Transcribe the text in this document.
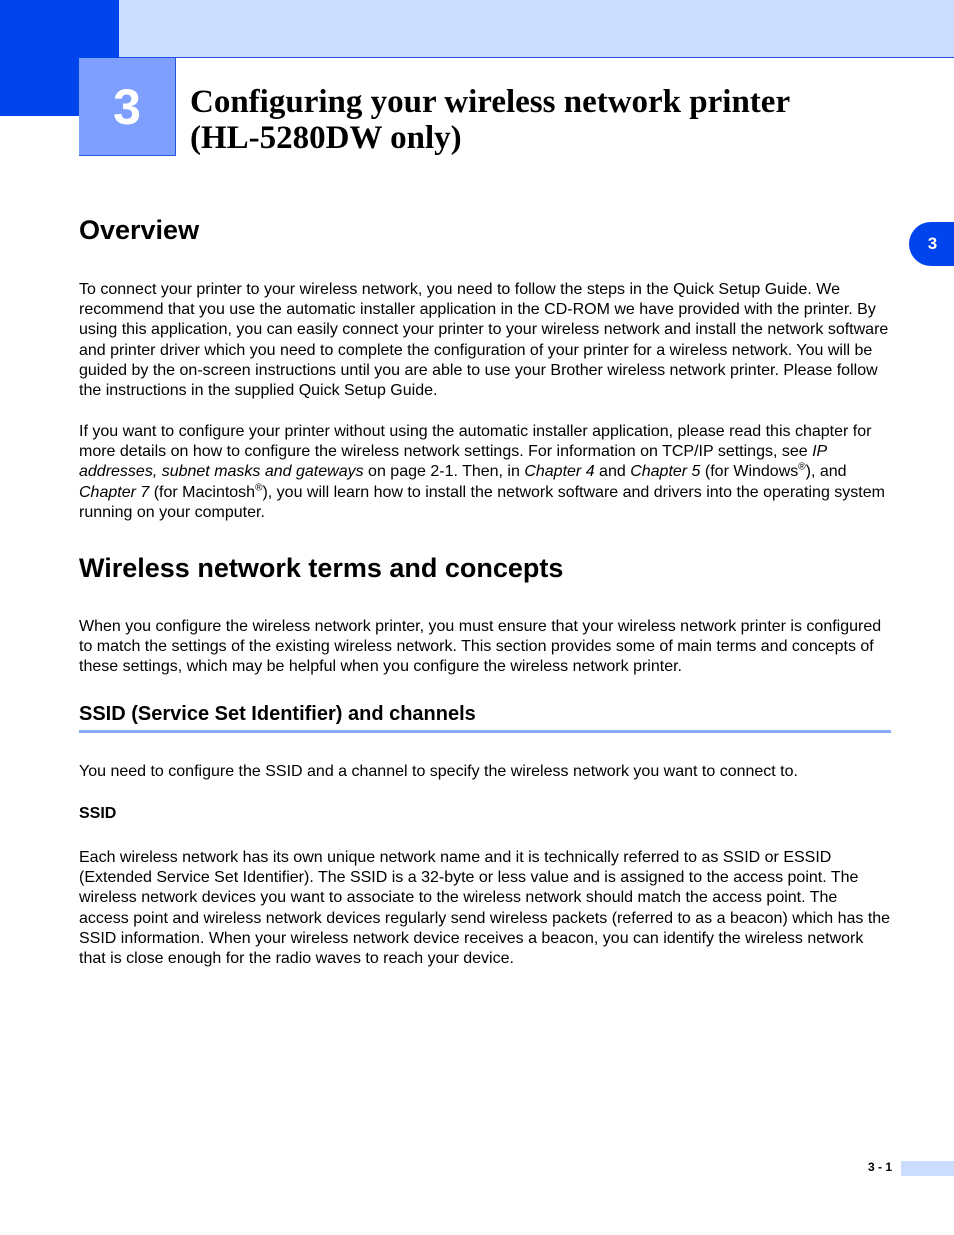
3 Configuring your wireless network printer
(HL-5280DW only)
3
Overview

To connect your printer to your wireless network, you need to follow the steps in the Quick Setup Guide. We recommend that you use the automatic installer application in the CD-ROM we have provided with the printer. By using this application, you can easily connect your printer to your wireless network and install the network software and printer driver which you need to complete the configuration of your printer for a wireless network. You will be guided by the on-screen instructions until you are able to use your Brother wireless network printer. Please follow the instructions in the supplied Quick Setup Guide.

If you want to configure your printer without using the automatic installer application, please read this chapter for more details on how to configure the wireless network settings. For information on TCP/IP settings, see IP addresses, subnet masks and gateways on page 2-1. Then, in Chapter 4 and Chapter 5 (for Windows®), and Chapter 7 (for Macintosh®), you will learn how to install the network software and drivers into the operating system running on your computer.

Wireless network terms and concepts

When you configure the wireless network printer, you must ensure that your wireless network printer is configured to match the settings of the existing wireless network. This section provides some of main terms and concepts of these settings, which may be helpful when you configure the wireless network printer.

SSID (Service Set Identifier) and channels

You need to configure the SSID and a channel to specify the wireless network you want to connect to.

SSID

Each wireless network has its own unique network name and it is technically referred to as SSID or ESSID (Extended Service Set Identifier). The SSID is a 32-byte or less value and is assigned to the access point. The wireless network devices you want to associate to the wireless network should match the access point. The access point and wireless network devices regularly send wireless packets (referred to as a beacon) which has the SSID information. When your wireless network device receives a beacon, you can identify the wireless network that is close enough for the radio waves to reach your device.

3 - 1
